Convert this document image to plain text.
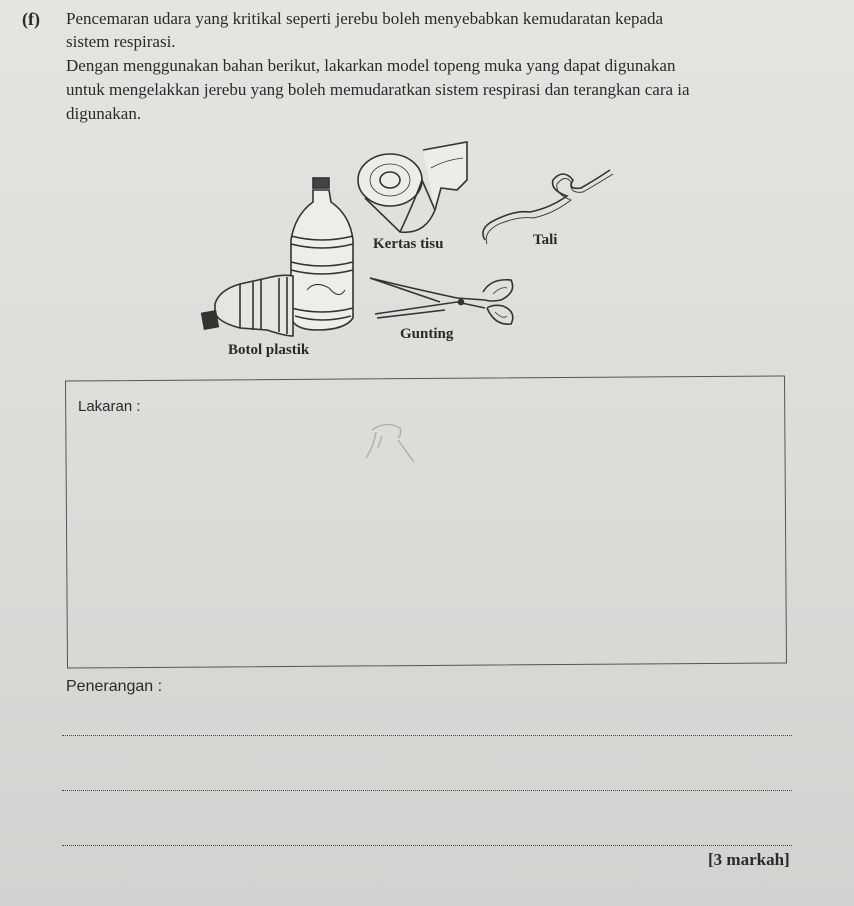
(f) Pencemaran udara yang kritikal seperti jerebu boleh menyebabkan kemudaratan kepada
sistem respirasi.
Dengan menggunakan bahan berikut, lakarkan model topeng muka yang dapat digunakan
untuk mengelakkan jerebu yang boleh memudaratkan sistem respirasi dan terangkan cara ia
digunakan.
Kertas tisu	Tali
Gunting
Botol plastik
Lakaran :
Penerangan :
[3 markah]
